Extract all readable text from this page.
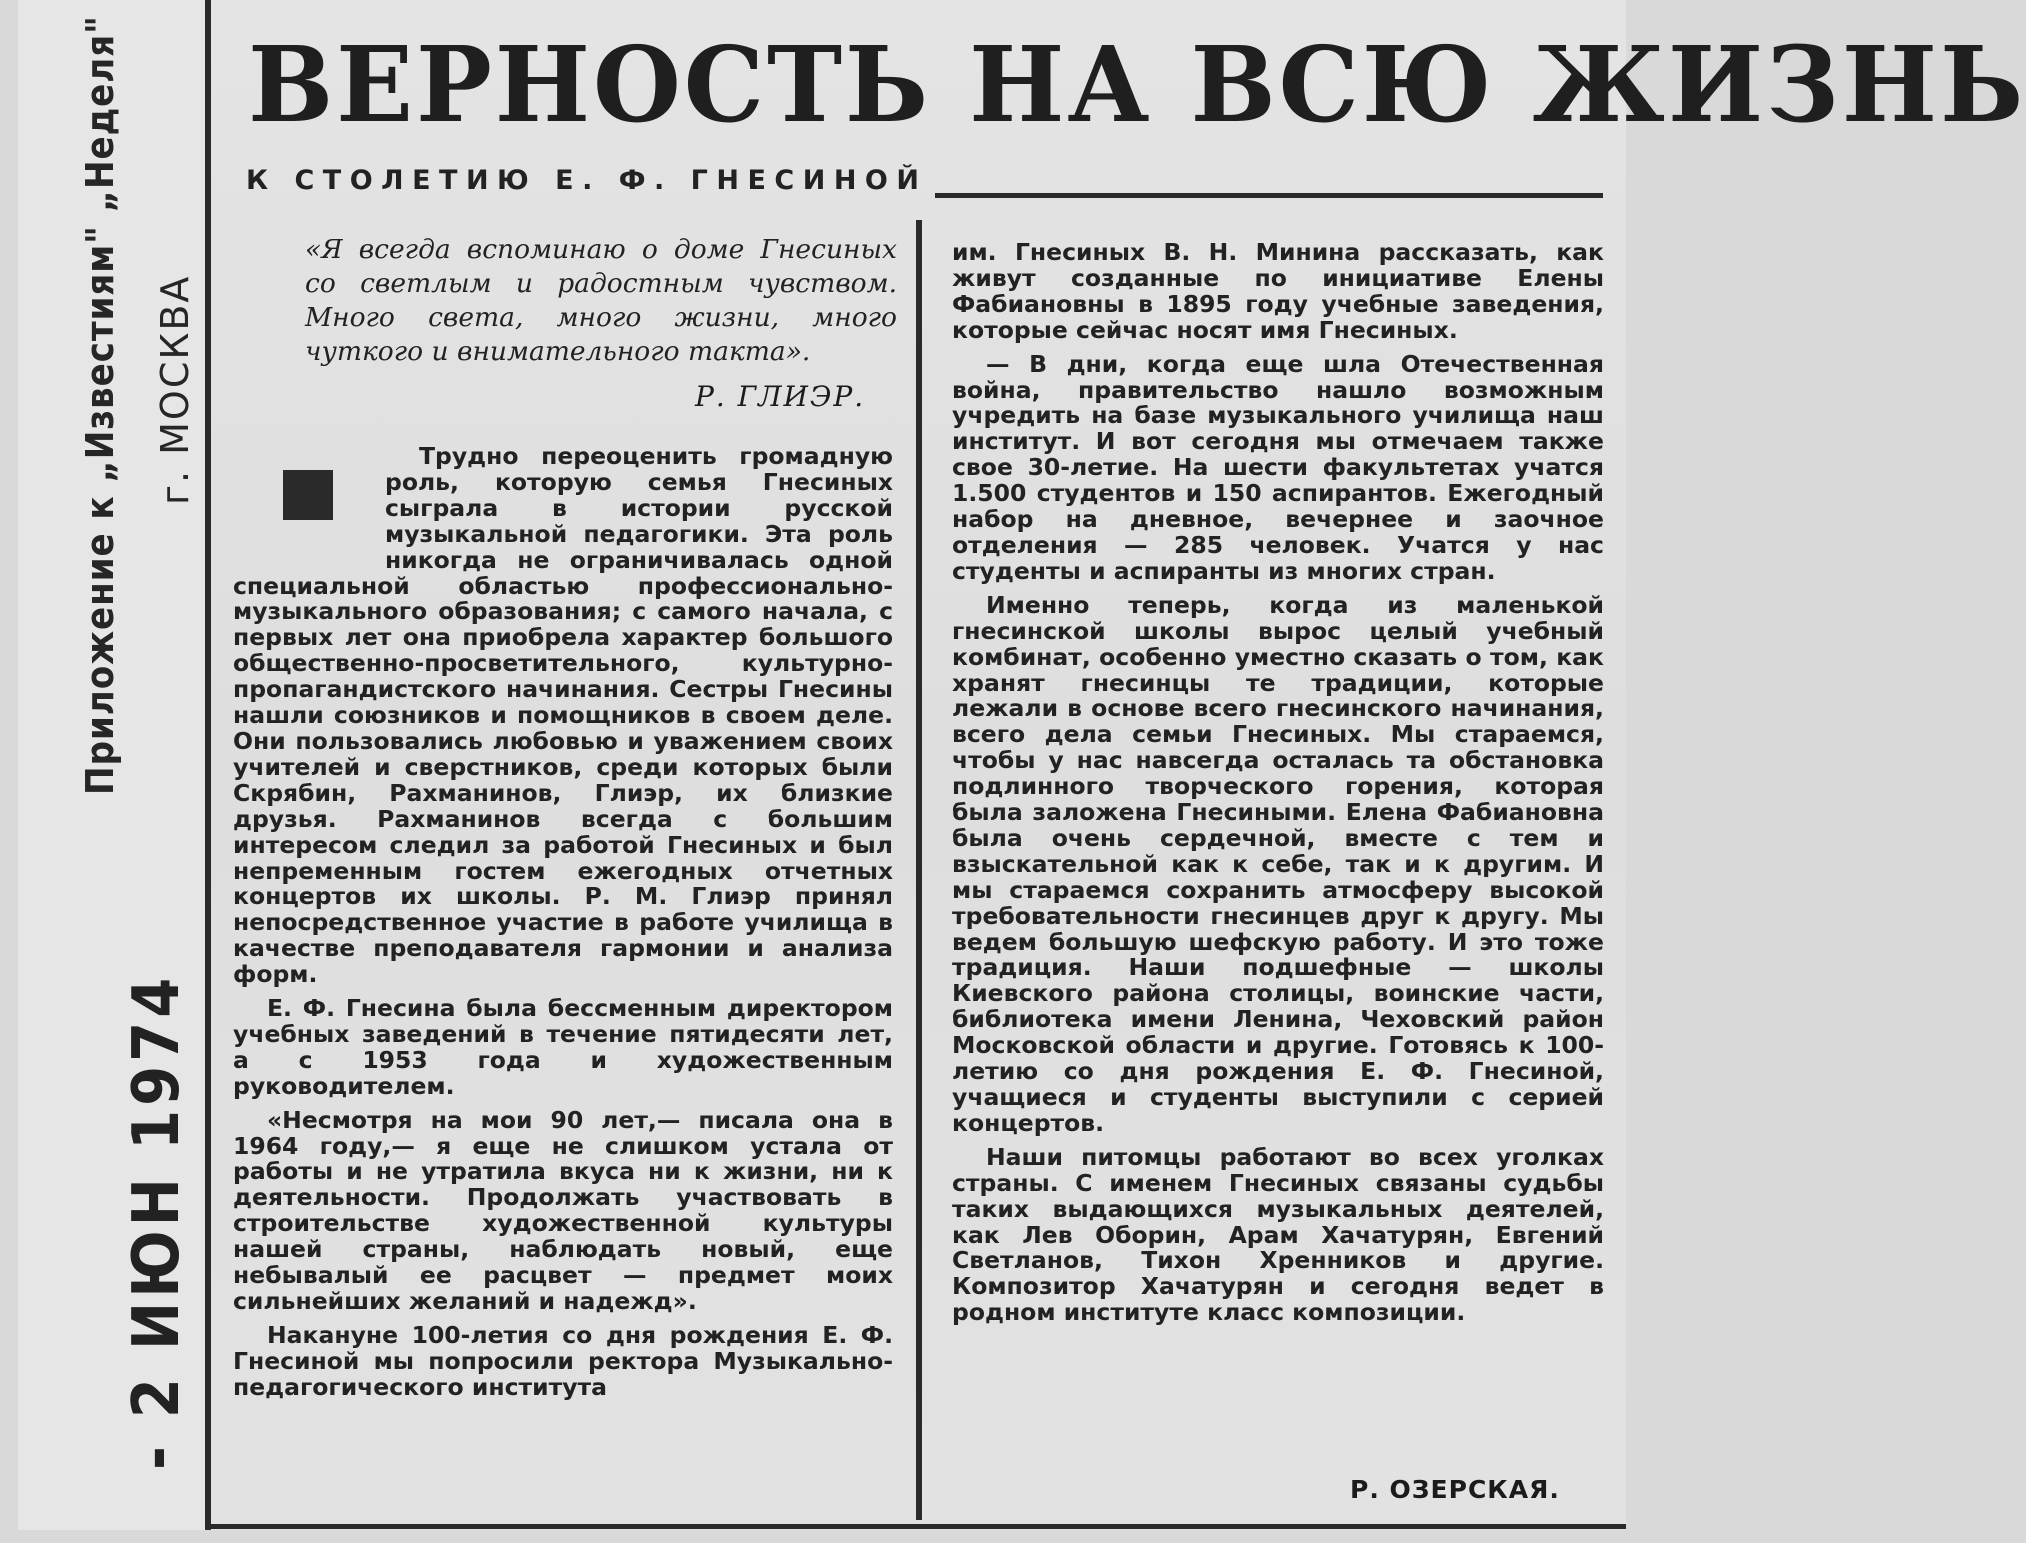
Приложение к „Известиям" „Неделя" г. МОСКВА
- 2 ИЮН 1974
ВЕРНОСТЬ НА ВСЮ ЖИЗНЬ
К СТОЛЕТИЮ Е. Ф. ГНЕСИНОЙ
«Я всегда вспоминаю о доме Гнесиных со светлым и радостным чувством. Много света, много жизни, много чуткого и внимательного такта».
Р. ГЛИЭР.

Трудно переоценить громадную роль, которую семья Гнесиных сыграла в истории русской музыкальной педагогики. Эта роль никогда не ограничивалась одной специальной областью профессионально-музыкального образования; с самого начала, с первых лет она приобрела характер большого общественно-просветительного, культурно-пропагандистского начинания. Сестры Гнесины нашли союзников и помощников в своем деле. Они пользовались любовью и уважением своих учителей и сверстников, среди которых были Скрябин, Рахманинов, Глиэр, их близкие друзья. Рахманинов всегда с большим интересом следил за работой Гнесиных и был непременным гостем ежегодных отчетных концертов их школы. Р. М. Глиэр принял непосредственное участие в работе училища в качестве преподавателя гармонии и анализа форм.

Е. Ф. Гнесина была бессменным директором учебных заведений в течение пятидесяти лет, а с 1953 года и художественным руководителем.

«Несмотря на мои 90 лет,— писала она в 1964 году,— я еще не слишком устала от работы и не утратила вкуса ни к жизни, ни к деятельности. Продолжать участвовать в строительстве художественной культуры нашей страны, наблюдать новый, еще небывалый ее расцвет — предмет моих сильнейших желаний и надежд».

Накануне 100-летия со дня рождения Е. Ф. Гнесиной мы попросили ректора Музыкально-педагогического института

им. Гнесиных В. Н. Минина рассказать, как живут созданные по инициативе Елены Фабиановны в 1895 году учебные заведения, которые сейчас носят имя Гнесиных.

— В дни, когда еще шла Отечественная война, правительство нашло возможным учредить на базе музыкального училища наш институт. И вот сегодня мы отмечаем также свое 30-летие. На шести факультетах учатся 1.500 студентов и 150 аспирантов. Ежегодный набор на дневное, вечернее и заочное отделения — 285 человек. Учатся у нас студенты и аспиранты из многих стран.

Именно теперь, когда из маленькой гнесинской школы вырос целый учебный комбинат, особенно уместно сказать о том, как хранят гнесинцы те традиции, которые лежали в основе всего гнесинского начинания, всего дела семьи Гнесиных. Мы стараемся, чтобы у нас навсегда осталась та обстановка подлинного творческого горения, которая была заложена Гнесиными. Елена Фабиановна была очень сердечной, вместе с тем и взыскательной как к себе, так и к другим. И мы стараемся сохранить атмосферу высокой требовательности гнесинцев друг к другу. Мы ведем большую шефскую работу. И это тоже традиция. Наши подшефные — школы Киевского района столицы, воинские части, библиотека имени Ленина, Чеховский район Московской области и другие. Готовясь к 100-летию со дня рождения Е. Ф. Гнесиной, учащиеся и студенты выступили с серией концертов.

Наши питомцы работают во всех уголках страны. С именем Гнесиных связаны судьбы таких выдающихся музыкальных деятелей, как Лев Оборин, Арам Хачатурян, Евгений Светланов, Тихон Хренников и другие. Композитор Хачатурян и сегодня ведет в родном институте класс композиции.

Р. ОЗЕРСКАЯ.
